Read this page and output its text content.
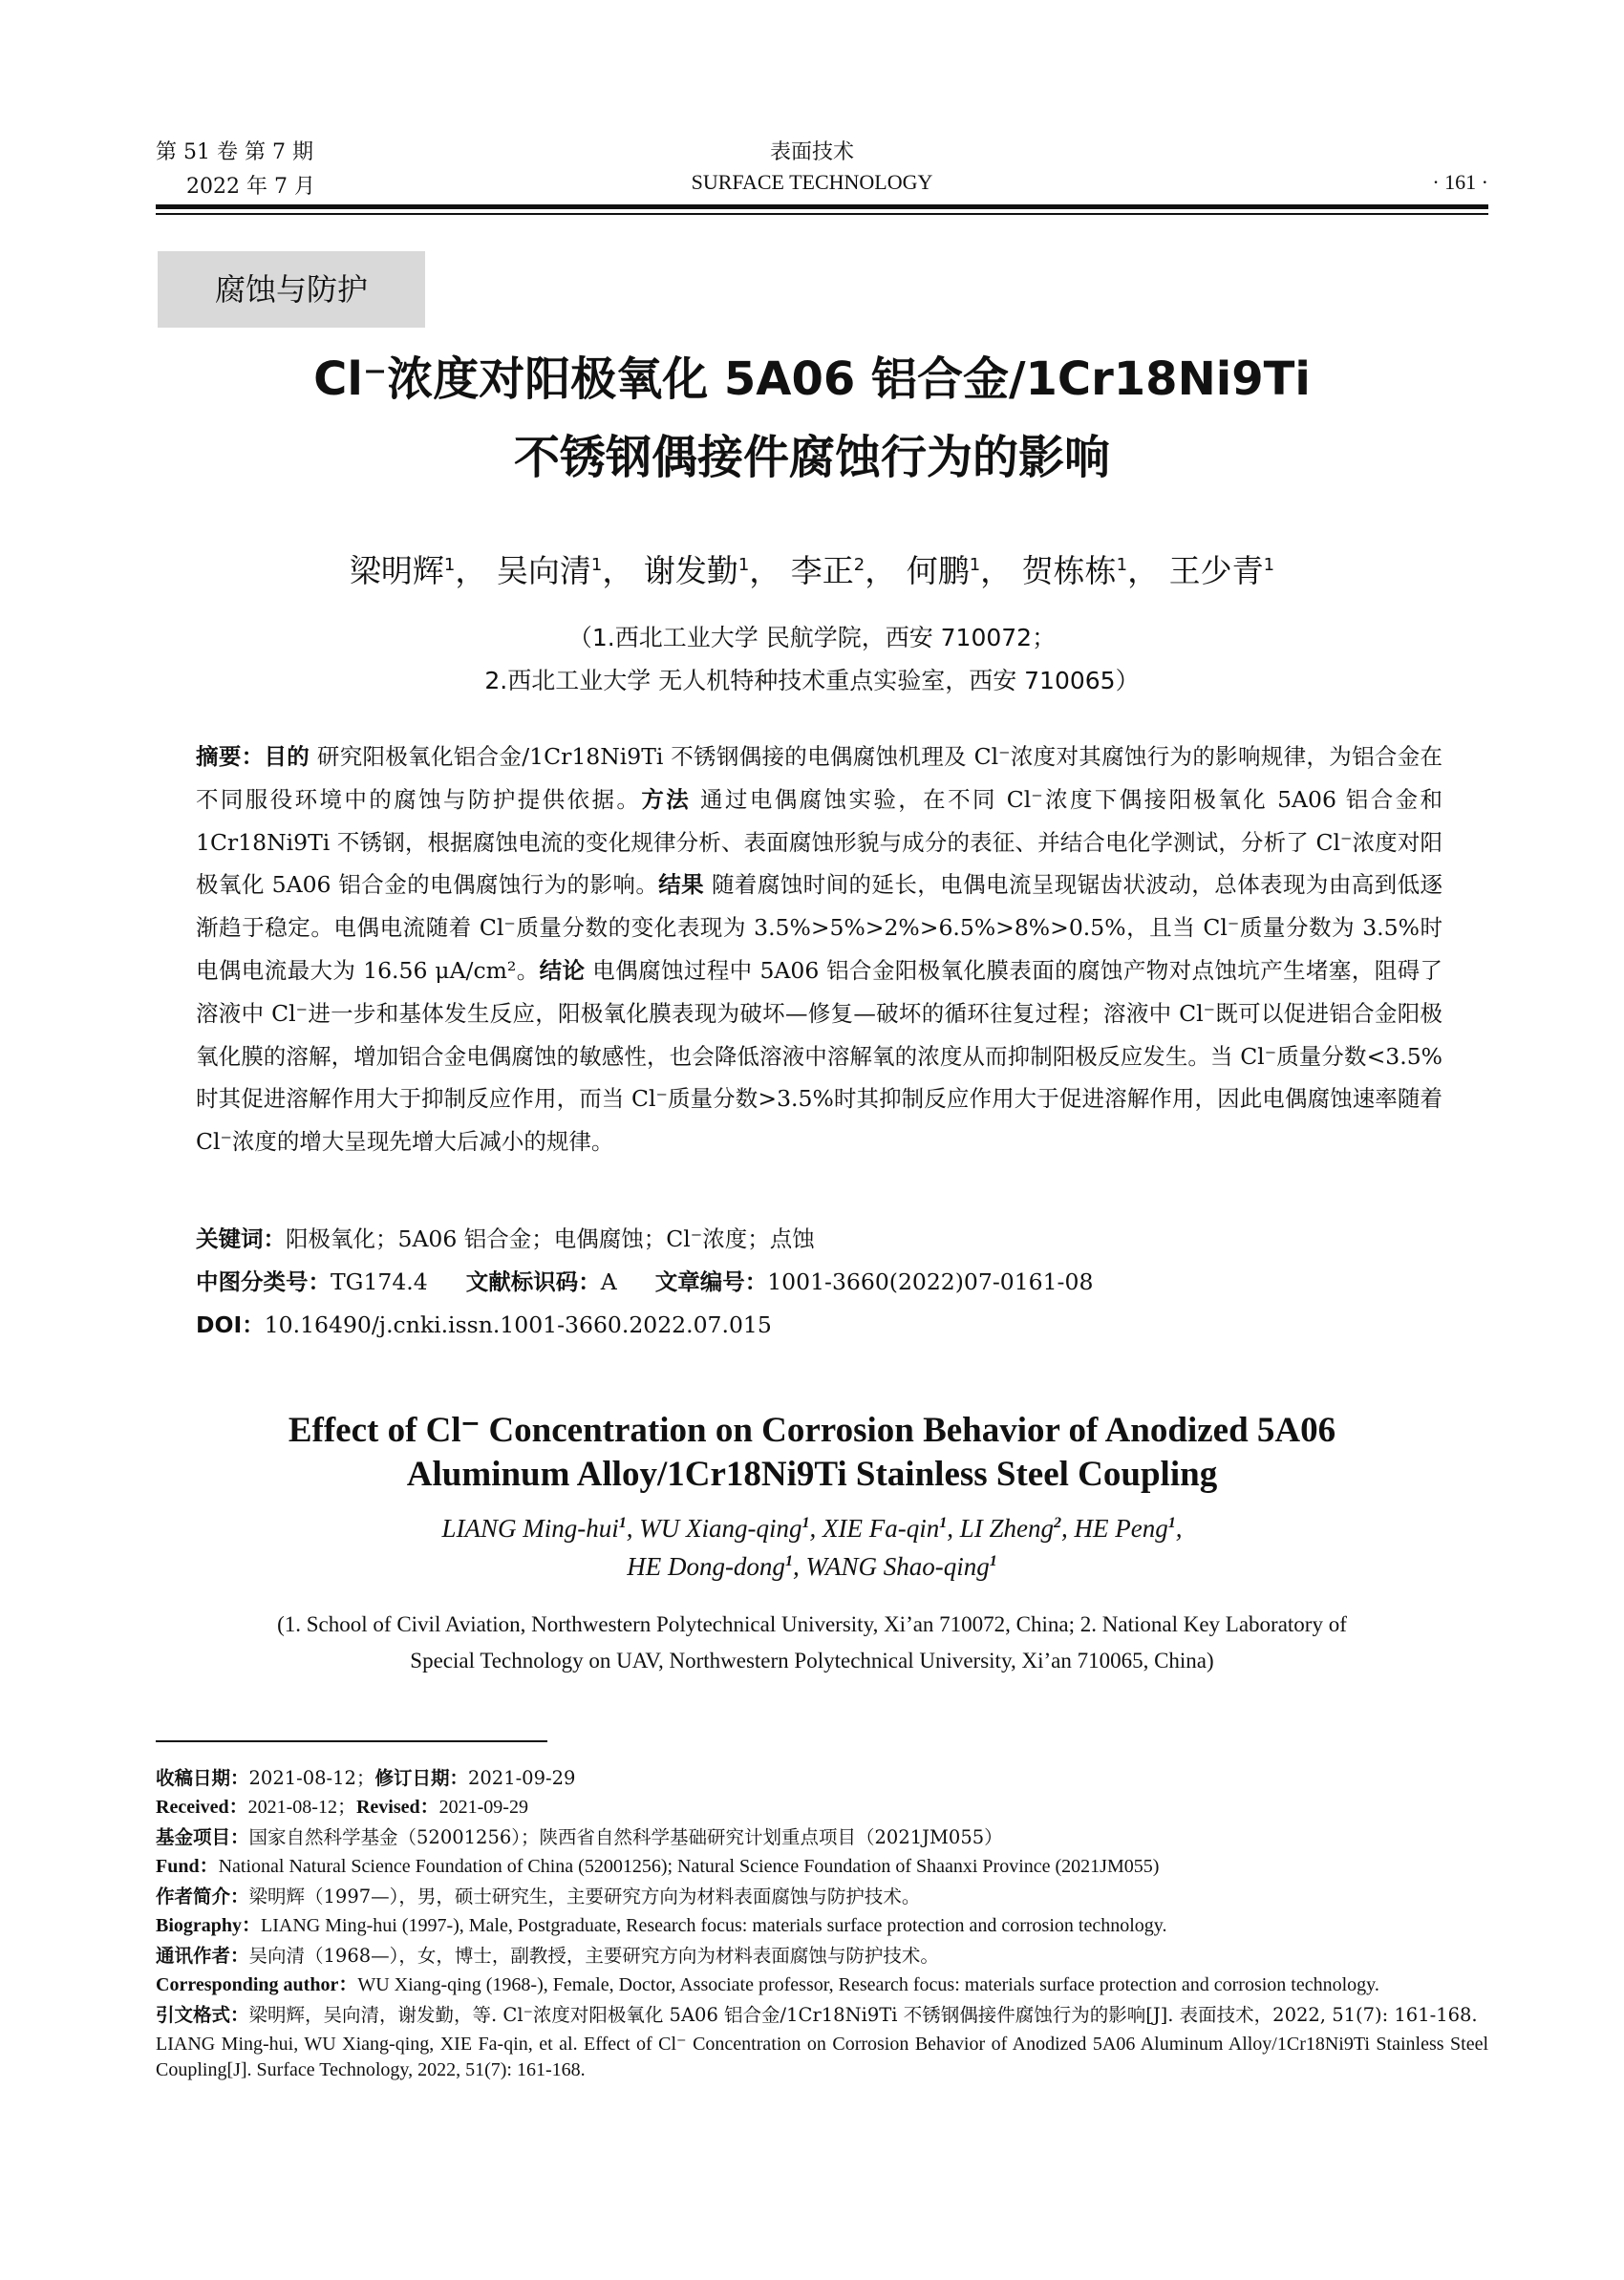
第 51 卷 第 7 期
2022 年 7 月
表面技术
SURFACE TECHNOLOGY	· 161 ·
腐蚀与防护
Cl⁻浓度对阳极氧化 5A06 铝合金/1Cr18Ni9Ti
不锈钢偶接件腐蚀行为的影响
梁明辉$^1$， 吴向清$^1$， 谢发勤$^1$， 李正$^2$， 何鹏$^1$， 贺栋栋$^1$， 王少青$^1$
（1.西北工业大学 民航学院，西安 710072；
2.西北工业大学 无人机特种技术重点实验室，西安 710065）
摘要：目的 研究阳极氧化铝合金/1Cr18Ni9Ti 不锈钢偶接的电偶腐蚀机理及 Cl⁻浓度对其腐蚀行为的影响规律，为铝合金在不同服役环境中的腐蚀与防护提供依据。方法 通过电偶腐蚀实验，在不同 Cl⁻浓度下偶接阳极氧化 5A06 铝合金和 1Cr18Ni9Ti 不锈钢，根据腐蚀电流的变化规律分析、表面腐蚀形貌与成分的表征、并结合电化学测试，分析了 Cl⁻浓度对阳极氧化 5A06 铝合金的电偶腐蚀行为的影响。结果 随着腐蚀时间的延长，电偶电流呈现锯齿状波动，总体表现为由高到低逐渐趋于稳定。电偶电流随着 Cl⁻质量分数的变化表现为 3.5%>5%>2%>6.5%>8%>0.5%，且当 Cl⁻质量分数为 3.5%时电偶电流最大为 16.56 μA/cm²。结论 电偶腐蚀过程中 5A06 铝合金阳极氧化膜表面的腐蚀产物对点蚀坑产生堵塞，阻碍了溶液中 Cl⁻进一步和基体发生反应，阳极氧化膜表现为破坏—修复—破坏的循环往复过程；溶液中 Cl⁻既可以促进铝合金阳极氧化膜的溶解，增加铝合金电偶腐蚀的敏感性，也会降低溶液中溶解氧的浓度从而抑制阳极反应发生。当 Cl⁻质量分数<3.5%时其促进溶解作用大于抑制反应作用，而当 Cl⁻质量分数>3.5%时其抑制反应作用大于促进溶解作用，因此电偶腐蚀速率随着 Cl⁻浓度的增大呈现先增大后减小的规律。
关键词：阳极氧化；5A06 铝合金；电偶腐蚀；Cl⁻浓度；点蚀
中图分类号：TG174.4 文献标识码：A 文章编号：1001-3660(2022)07-0161-08
DOI：10.16490/j.cnki.issn.1001-3660.2022.07.015
Effect of Cl⁻ Concentration on Corrosion Behavior of Anodized 5A06
Aluminum Alloy/1Cr18Ni9Ti Stainless Steel Coupling
LIANG Ming-hui$^1$, WU Xiang-qing$^1$, XIE Fa-qin$^1$, LI Zheng$^2$, HE Peng$^1$,
HE Dong-dong$^1$, WANG Shao-qing$^1$
(1. School of Civil Aviation, Northwestern Polytechnical University, Xi’an 710072, China; 2. National Key Laboratory of
Special Technology on UAV, Northwestern Polytechnical University, Xi’an 710065, China)

收稿日期：2021-08-12；修订日期：2021-09-29

Received：2021-08-12；Revised：2021-09-29

基金项目：国家自然科学基金（52001256）；陕西省自然科学基础研究计划重点项目（2021JM055）

Fund：National Natural Science Foundation of China (52001256); Natural Science Foundation of Shaanxi Province (2021JM055)

作者简介：梁明辉（1997—），男，硕士研究生，主要研究方向为材料表面腐蚀与防护技术。

Biography：LIANG Ming-hui (1997-), Male, Postgraduate, Research focus: materials surface protection and corrosion technology.

通讯作者：吴向清（1968—），女，博士，副教授，主要研究方向为材料表面腐蚀与防护技术。

Corresponding author：WU Xiang-qing (1968-), Female, Doctor, Associate professor, Research focus: materials surface protection and corrosion technology.

引文格式：梁明辉，吴向清，谢发勤，等. Cl⁻浓度对阳极氧化 5A06 铝合金/1Cr18Ni9Ti 不锈钢偶接件腐蚀行为的影响[J]. 表面技术，2022, 51(7): 161-168.

LIANG Ming-hui, WU Xiang-qing, XIE Fa-qin, et al. Effect of Cl⁻ Concentration on Corrosion Behavior of Anodized 5A06 Aluminum Alloy/1Cr18Ni9Ti Stainless Steel Coupling[J]. Surface Technology, 2022, 51(7): 161-168.
